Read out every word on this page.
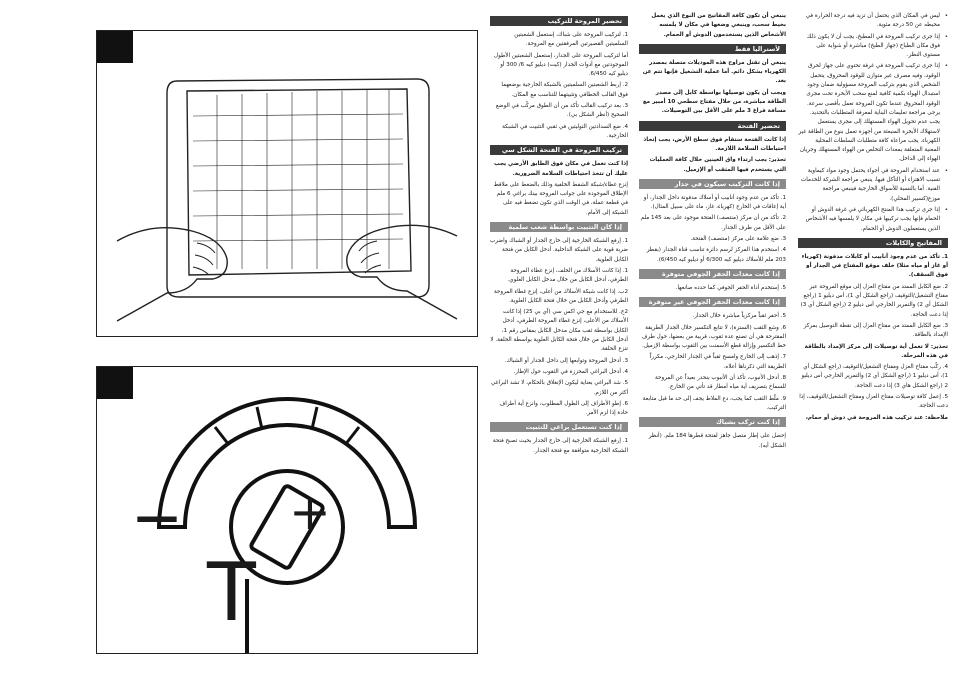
— +
T
تحضير المروحة للتركيب

1. لتركيب المروحة على شباك، إستعمل الشعبتين السلميتين القصيرتين المرفقتين مع المروحة.

أما لتركيب المروحة على الجدار، إستعمل الشعبتين الأطول الموجودتين مع أدوات الجدار (كيت) ديليو كيه 6/ 300 أو ديليو كيه 6/450.

2. إربط الشعبتين السلميتين بالشبكة الخارجية بوضعهما فوق القالب الخطافي وتثبيتهما للتناسب مع المكان.

3. بعد تركيب القالب تأكد من أن الطوق مركّب في الوضع الصحيح (أنظر الشكل بي).

4. ضع السدادتين التوليتين في ثقبي التثبيت في الشبكة الخارجية.

تركيب المروحة في الفتحة الشكل سي

إذا كنت تعمل في مكان فوق الطابق الأرضي يجب عليك أن تتخذ احتياطات السلامة الضرورية.

إنزع غطاء/شبكة الشفط الخلفية وذلك بالضغط على ملاقط الإطلاق الموجودة على جوانب المروحة بينك براغي 6 ملم في قطعة عملة، في الوقت الذي تكون تضغط فيه على الشبكة إلى الأمام.

إذا كان التثبيت بواسطة شعب سلمية

1. إرفع الشبكة الخارجية إلى خارج الجدار أو الشباك واضرب ضربة قوية على الشبكة الداخلية. أدخل الكابل من فتحة الكابل العلوية.

1. إذا كانت الأسلاك من الخلف، إنزع غطاء المروحة الطرفي، أدخل الكابل من خلال مدخل الكابل العلوي.

2ب. إذا كانت شبكة الأسلاك من أعلى، إنزع غطاء المروحة الطرفي وأدخل الكابل من خلال فتحة الكابل العلوية.

2ج. للاستخدام مع جي اكس سي (آي بي 25) إذا كانت الأسلاك من الأعلى، إنزع غطاء المروحة الطرفي، أدخل الكابل بواسطة ثقب مكان مدخل الكابل بمقاس رقم 1، أدخل الكابل من خلال فتحة الكابل العلوية بواسطة الحلقة. لا تنزع الحلقة.

3. أدخل المروحة وتوابعها إلى داخل الجدار أو الشباك.

4. أدخل البراغي المحززة في الثقوب حول الإطار.

5. شد البراغي بعناية ليكون الإنغلاق بالحكام، لا تشد البراغي أكثر من اللازم.

6. إطو الأطراف إلى الطول المطلوب، وانزع أية أطراف حادة إذا لزم الأمر.

إذا كنت تستعمل براغي للتثبيت

1. إرفع الشبكة الخارجية إلى خارج الجدار بحيث تصبح فتحة الشبكة الخارجية متوافقة مع فتحة الجدار.

ينبغي أن تكون كافة المفاتيح من النوع الذي يعمل بخيط سحب، وينبغي وضعها في مكان لا يلمسه الأشخاص الذين يستخدمون الدوش أو الحمام.

لأستراليا فقط

ينبغي أن تقتل مراوح هذه الموديلات متصلة بمصدر الكهرباء بشكل دائم. أما عملية التشغيل فإنها تتم عن بعد.

ويجب أن يكون توصيلها بواسطة كابل إلى مصدر الطاقة مباشرة، من خلال مفتاح سطحي 10 أمبير مع مسافة فراغ 3 ملم على الأقل بين التوصيلات.

تحضير الفتحة

إذا كانت الفتحة ستقام فوق سطح الأرض، يجب إتخاذ احتياطات السلامة اللازمة.

تحذير: يجب ارتداء واق العينين خلال كافة العمليات التي يستخدم فيها المثقب أو الإزميل.

إذا كانت التركيب سيكون في جدار

1. تأكد من عدم وجود أنابيب أو أسلاك مدفونة داخل الجدار، أو أية إعاقات في الخارج (كهرباء، غاز، ماء على سبيل المثال).

2. تأكد من أن مركز (منتصف) الفتحة موجود على بعد 145 ملم على الأقل من طرف الجدار.

3. ضع علامة على مركز (منتصف) الفتحة.

4. استخدم هذا المركز لرسم دائرة تناسب قناة الجدار (بقطر 203 ملم للأسلاك ديليو كيه 6/300 أو ديليو كيه 6/450).

إذا كانت معدات الحفر الجوفي متوفرة

5. إستخدم أداة الحفر الجوفي كما حدده صانعها.

إذا كانت معدات الحفر الجوفي غير متوفرة

5. أحفر ثقباً مركزياً مباشرة خلال الجدار.

6. وشع الثقب (السترة)، لا تتابع التكسير خلال الجدار الطريقة المقترحة هي أن تصنع عدة ثقوب، قريبة من بعضها، حول طرف خط التكسير وإزالة قطع الأسمنت بين الثقوب بواسطة الإزميل.

7. إذهب إلى الخارج وامسح ثقباً في الجدار الخارجي، مكرراً الطريقة التي ذكرناها أعلاه.

8. أدخل الأنبوب، تأكد أن الأنبوب بنحدر بعيداً عن المروحة للسماح بتصريف أية مياه أمطار قد تأتي من الخارج.

9. ملّط الثقب كما يجب، دع الملاط يجف إلى حد ما قبل متابعة التركيب.

إذا كنت تركب بشباك

إحصل على إطار متصل جاهز لفتحة قطرها 184 ملم. (أنظر الشكل أيه).

• ليس في المكان الذي يحتمل أن تزيد فيه درجة الحرارة في محيطه عن 50 درجة مئوية.

• إذا جرى تركيب المروحة في المطبخ، يجب أن لا يكون ذلك فوق مكان الطباخ (جهاز الطبخ) مباشرة أو شواية على مستوى النظر.

• إذا جرى تركيب المروحة في غرفة تحتوي على جهاز لحرق الوقود، وفيه مصرف غير متوازن للوقود المحروق، يتحمل الشخص الذي يقوم بتركيب المروحة مسؤولية ضمان وجود استبدال الهواء بكمية كافية لمنع سحب الأبخرة تحت مجرى الوقود المحروق عندما تكون المروحة تعمل بأقصى سرعة. يرجى مراجعة تعليمات البناية لمعرفة المتطلبات بالتحديد. يجب عدم تحويل الهواء المستهلك إلى مجرى يستعمل لاستهلاك الأبخرة المنبعثة من أجهزة تعمل بنوع من الطاقة غير الكهرباء. يجب مراعاة كافة متطلبات السلطات المحلية المعنية المتعلقة بمعدات التخلص من الهواء المستهلك وجريان الهواء إلى الداخل.

• عند استخدام المروحة في أجواء يحتمل وجود مواد كيماوية تسبب الاهتراء أو التآكل فيها، ينبغي مراجعة الشركة للخدمات الفنية. أما بالنسبة للأسواق الخارجية فينبغي مراجعة موزع(كسبير المحلي).

• إذا جرى تركيب هذا المنتج الكهربائي في غرفة الدوش أو الحمام فإنها يجب تركيبها في مكان لا يلمسها فيه الأشخاص الذين يستعملون الدوش أو الحمام.

المفاتيح والكابلات

1. تأكد من عدم وجود أنابيب أو كابلات مدفونة (كهرباء أو غاز أو مياه مثلا) خلف موقع المفتاح في الجدار أو فوق السقف).

2. ضع الكابل الممتد من مفتاح العزل إلى موقع المروحة عبر مفتاح التشغيل/التوقيف (راجع الشكل أي 1)، أس ديليو 1 (راجع الشكل أي 2) والتمرير الخارجي أس ديليو 2 (راجع الشكل أي 3) إذا دعت الحاجة.

3. ضع الكابل الممتد من مفتاح العزل إلى نقطة التوصيل بمركز الإمداد بالطاقة.

تحذير: لا تعمل أية توصيلات إلى مركز الإمداد بالطاقة في هذه المرحلة.

4. ركّب مفتاح العزل ومفتاح التشغيل/التوقيف (راجع الشكل أي 1)، أس ديليو 1 (راجع الشكل أي 2) والتمرير الخارجي أس ديليو 2 (راجع الشكل هاي 3) إذا دعت الحاجة.

5. إعمل كافة توصيلات مفتاح العزل ومفتاح التشغيل/التوقيف، إذا دعت الحاجة.

ملاحظة: عند تركيب هذه المروحة في دوش أو حمام،
